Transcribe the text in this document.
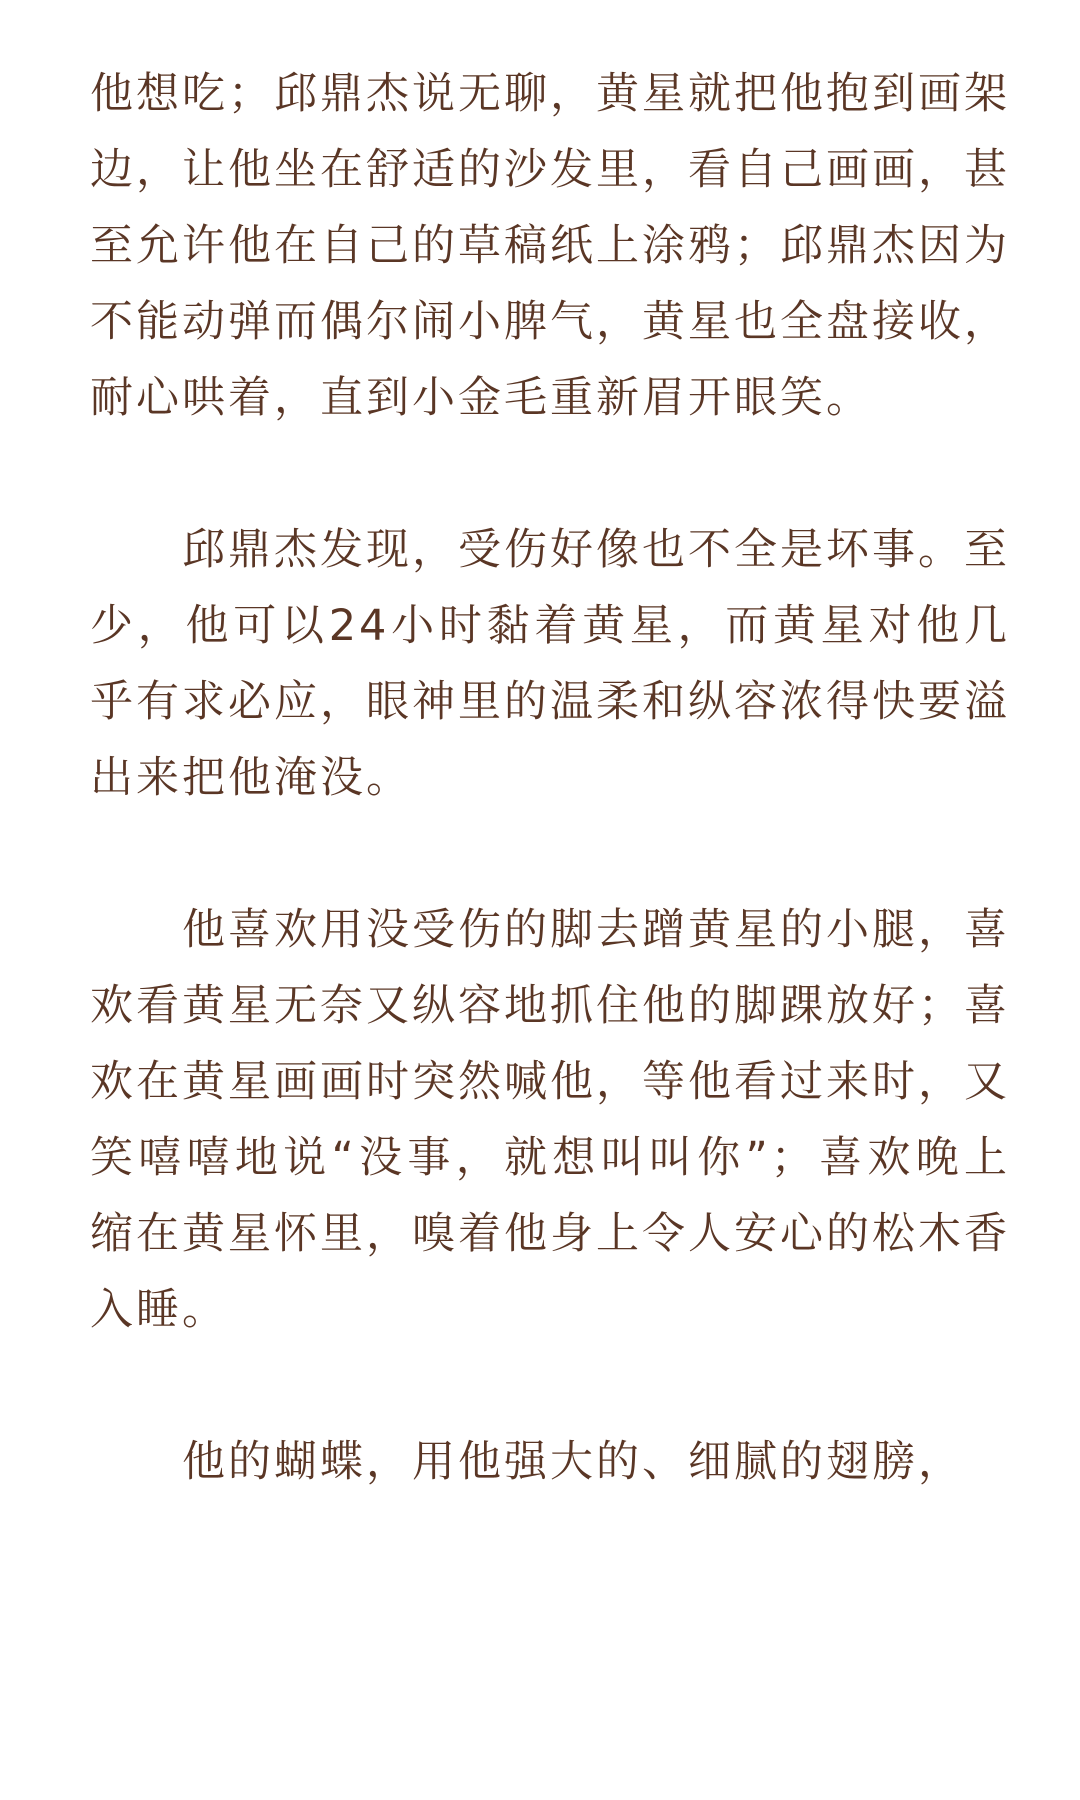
他想吃；邱鼎杰说无聊，黄星就把他抱到画架边，让他坐在舒适的沙发里，看自己画画，甚至允许他在自己的草稿纸上涂鸦；邱鼎杰因为不能动弹而偶尔闹小脾气，黄星也全盘接收，耐心哄着，直到小金毛重新眉开眼笑。

邱鼎杰发现，受伤好像也不全是坏事。至少，他可以24小时黏着黄星，而黄星对他几乎有求必应，眼神里的温柔和纵容浓得快要溢出来把他淹没。

他喜欢用没受伤的脚去蹭黄星的小腿，喜欢看黄星无奈又纵容地抓住他的脚踝放好；喜欢在黄星画画时突然喊他，等他看过来时，又笑嘻嘻地说“没事，就想叫叫你”；喜欢晚上缩在黄星怀里，嗅着他身上令人安心的松木香入睡。

他的蝴蝶，用他强大的、细腻的翅膀，
